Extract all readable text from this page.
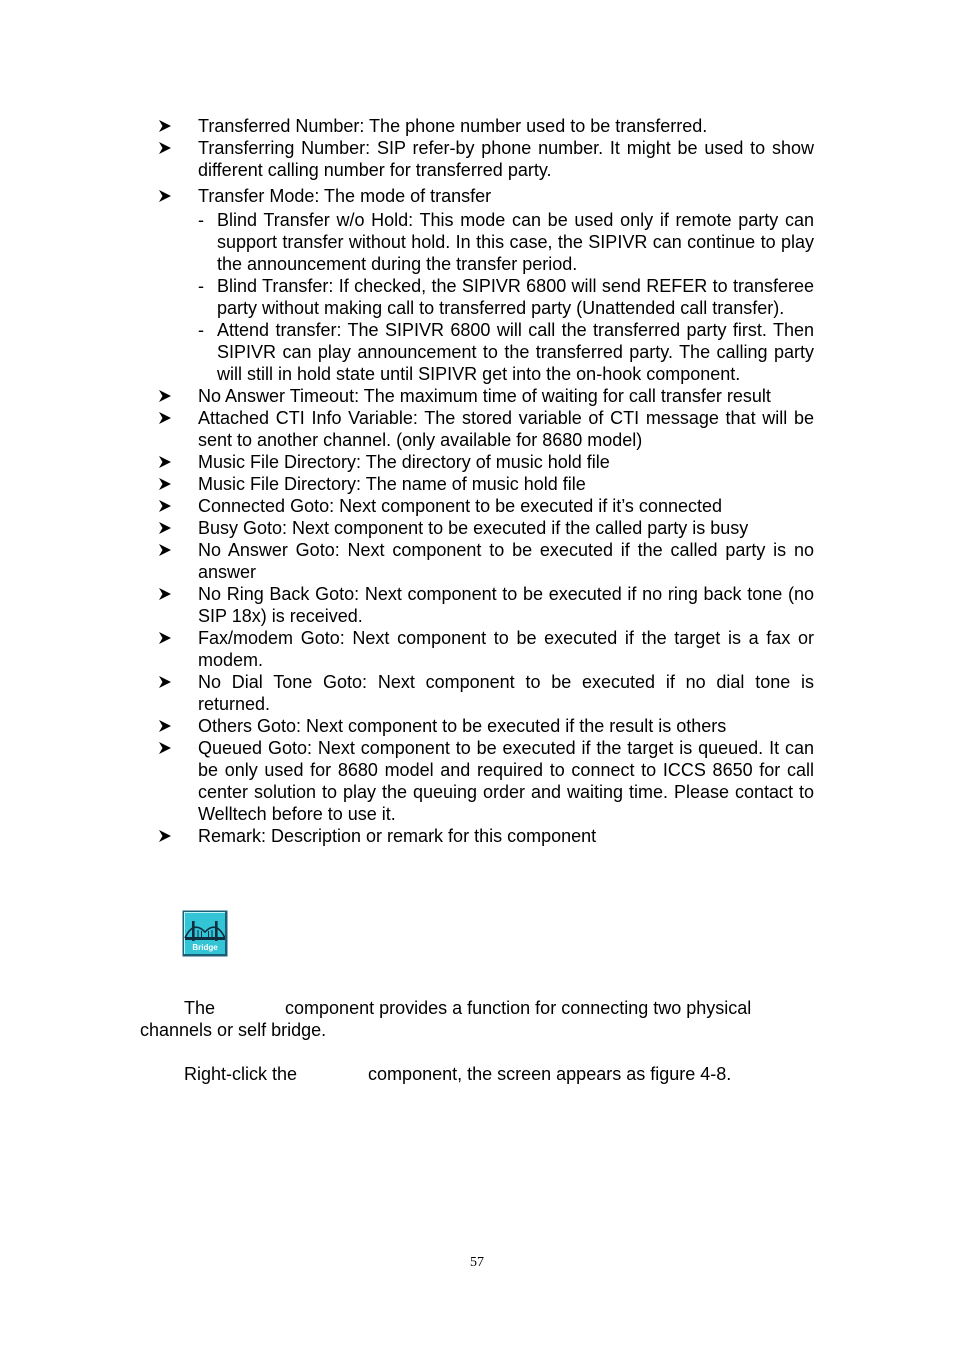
Transferred Number: The phone number used to be transferred.
Transferring Number: SIP refer-by phone number. It might be used to show different calling number for transferred party.
Transfer Mode: The mode of transfer
- Blind Transfer w/o Hold: This mode can be used only if remote party can support transfer without hold. In this case, the SIPIVR can continue to play the announcement during the transfer period.
- Blind Transfer: If checked, the SIPIVR 6800 will send REFER to transferee party without making call to transferred party (Unattended call transfer).
- Attend transfer: The SIPIVR 6800 will call the transferred party first. Then SIPIVR can play announcement to the transferred party. The calling party will still in hold state until SIPIVR get into the on-hook component.
No Answer Timeout: The maximum time of waiting for call transfer result
Attached CTI Info Variable: The stored variable of CTI message that will be sent to another channel. (only available for 8680 model)
Music File Directory: The directory of music hold file
Music File Directory: The name of music hold file
Connected Goto: Next component to be executed if it’s connected
Busy Goto: Next component to be executed if the called party is busy
No Answer Goto: Next component to be executed if the called party is no answer
No Ring Back Goto: Next component to be executed if no ring back tone (no SIP 18x) is received.
Fax/modem Goto: Next component to be executed if the target is a fax or modem.
No Dial Tone Goto: Next component to be executed if no dial tone is returned.
Others Goto: Next component to be executed if the result is others
Queued Goto: Next component to be executed if the target is queued. It can be only used for 8680 model and required to connect to ICCS 8650 for call center solution to play the queuing order and waiting time. Please contact to Welltech before to use it.
Remark: Description or remark for this component
Bridge
The	component provides a function for connecting two physical channels or self bridge.
Right-click the	component, the screen appears as figure 4-8.
57
